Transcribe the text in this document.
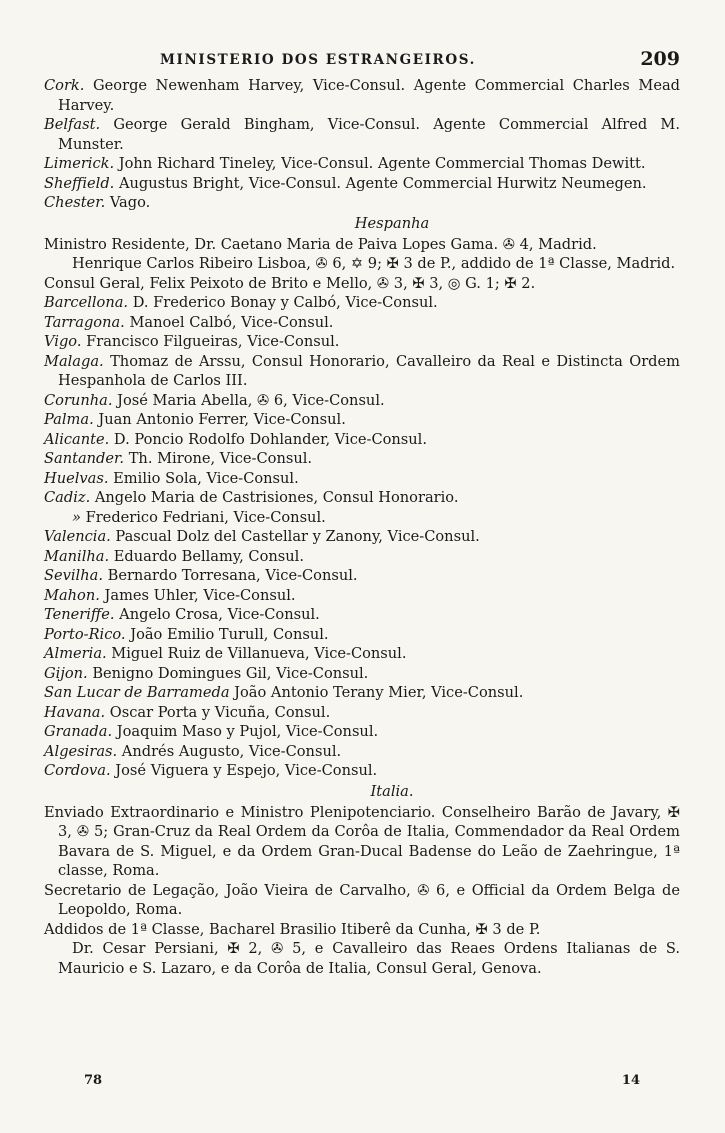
MINISTERIO DOS ESTRANGEIROS.	209
Cork. George Newenham Harvey, Vice-Consul. Agente Commercial Charles Mead Harvey.
Belfast. George Gerald Bingham, Vice-Consul. Agente Commercial Alfred M. Munster.
Limerick. John Richard Tineley, Vice-Consul. Agente Commercial Thomas Dewitt.
Sheffield. Augustus Bright, Vice-Consul. Agente Commercial Hurwitz Neumegen.
Chester. Vago.
Hespanha
Ministro Residente, Dr. Caetano Maria de Paiva Lopes Gama. ✇ 4, Madrid.
Henrique Carlos Ribeiro Lisboa, ✇ 6, ✡ 9; ✠ 3 de P., addido de 1ª Classe, Madrid.
Consul Geral, Felix Peixoto de Brito e Mello, ✇ 3, ✠ 3, ◎ G. 1; ✠ 2.
Barcellona. D. Frederico Bonay y Calbó, Vice-Consul.
Tarragona. Manoel Calbó, Vice-Consul.
Vigo. Francisco Filgueiras, Vice-Consul.
Malaga. Thomaz de Arssu, Consul Honorario, Cavalleiro da Real e Distincta Ordem Hespanhola de Carlos III.
Corunha. José Maria Abella, ✇ 6, Vice-Consul.
Palma. Juan Antonio Ferrer, Vice-Consul.
Alicante. D. Poncio Rodolfo Dohlander, Vice-Consul.
Santander. Th. Mirone, Vice-Consul.
Huelvas. Emilio Sola, Vice-Consul.
Cadiz. Angelo Maria de Castrisiones, Consul Honorario.
» Frederico Fedriani, Vice-Consul.
Valencia. Pascual Dolz del Castellar y Zanony, Vice-Consul.
Manilha. Eduardo Bellamy, Consul.
Sevilha. Bernardo Torresana, Vice-Consul.
Mahon. James Uhler, Vice-Consul.
Teneriffe. Angelo Crosa, Vice-Consul.
Porto-Rico. João Emilio Turull, Consul.
Almeria. Miguel Ruiz de Villanueva, Vice-Consul.
Gijon. Benigno Domingues Gil, Vice-Consul.
San Lucar de Barrameda João Antonio Terany Mier, Vice-Consul.
Havana. Oscar Porta y Vicuña, Consul.
Granada. Joaquim Maso y Pujol, Vice-Consul.
Algesiras. Andrés Augusto, Vice-Consul.
Cordova. José Viguera y Espejo, Vice-Consul.
Italia.
Enviado Extraordinario e Ministro Plenipotenciario. Conselheiro Barão de Javary, ✠ 3, ✇ 5; Gran-Cruz da Real Ordem da Corôa de Italia, Commendador da Real Ordem Bavara de S. Miguel, e da Ordem Gran-Ducal Badense do Leão de Zaehringue, 1ª classe, Roma.
Secretario de Legação, João Vieira de Carvalho, ✇ 6, e Official da Ordem Belga de Leopoldo, Roma.
Addidos de 1ª Classe, Bacharel Brasilio Itiberê da Cunha, ✠ 3 de P.
Dr. Cesar Persiani, ✠ 2, ✇ 5, e Cavalleiro das Reaes Ordens Italianas de S. Mauricio e S. Lazaro, e da Corôa de Italia, Consul Geral, Genova.
78	14
